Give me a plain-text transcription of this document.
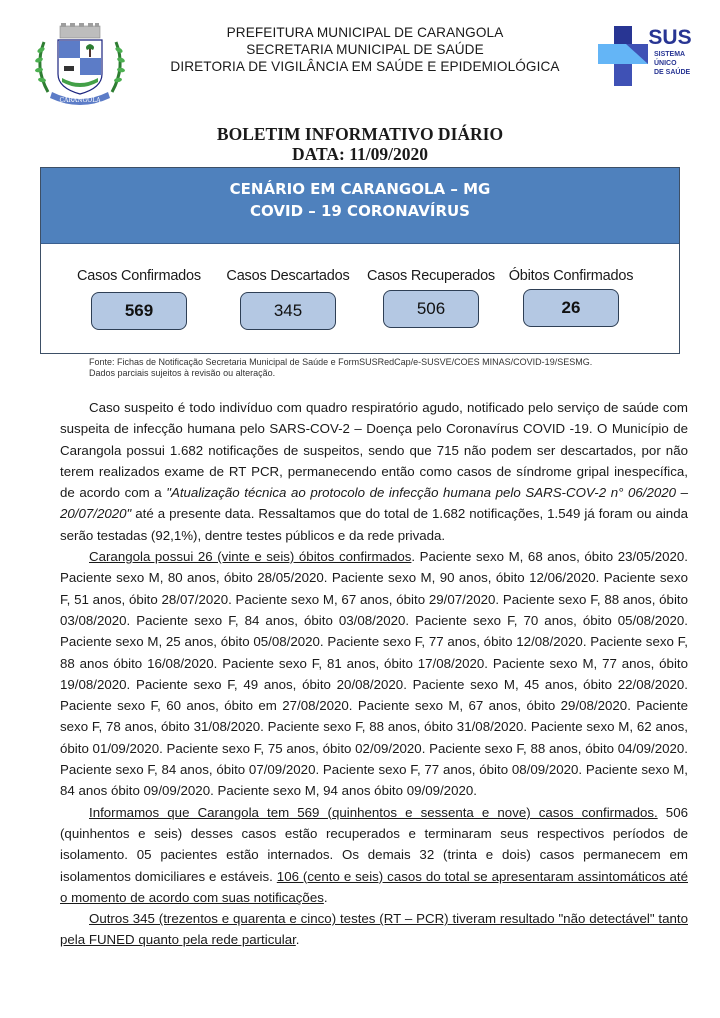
CARANGOLA
PREFEITURA MUNICIPAL DE CARANGOLA
SECRETARIA MUNICIPAL DE SAÚDE
DIRETORIA DE VIGILÂNCIA EM SAÚDE E EPIDEMIOLÓGICA
SUS
SISTEMA
ÚNICO
DE SAÚDE
BOLETIM INFORMATIVO DIÁRIO
DATA: 11/09/2020
CENÁRIO EM CARANGOLA – MG
COVID – 19 CORONAVÍRUS
Casos Confirmados
569
Casos Descartados
345
Casos Recuperados
506
Óbitos Confirmados
26
Fonte: Fichas de Notificação Secretaria Municipal de Saúde e FormSUSRedCap/e-SUSVE/COES MINAS/COVID-19/SESMG.
Dados parciais sujeitos à revisão ou alteração.

Caso suspeito é todo indivíduo com quadro respiratório agudo, notificado pelo serviço de saúde com suspeita de infecção humana pelo SARS-COV-2 – Doença pelo Coronavírus COVID -19. O Município de Carangola possui 1.682 notificações de suspeitos, sendo que 715 não podem ser descartados, por não terem realizados exame de RT PCR, permanecendo então como casos de síndrome gripal inespecífica, de acordo com a "Atualização técnica ao protocolo de infecção humana pelo SARS-COV-2 n° 06/2020 – 20/07/2020" até a presente data. Ressaltamos que do total de 1.682 notificações, 1.549 já foram ou ainda serão testadas (92,1%), dentre testes públicos e da rede privada.

Carangola possui 26 (vinte e seis) óbitos confirmados. Paciente sexo M, 68 anos, óbito 23/05/2020. Paciente sexo M, 80 anos, óbito 28/05/2020. Paciente sexo M, 90 anos, óbito 12/06/2020. Paciente sexo F, 51 anos, óbito 28/07/2020. Paciente sexo M, 67 anos, óbito 29/07/2020. Paciente sexo F, 88 anos, óbito 03/08/2020. Paciente sexo F, 84 anos, óbito 03/08/2020. Paciente sexo F, 70 anos, óbito 05/08/2020. Paciente sexo M, 25 anos, óbito 05/08/2020. Paciente sexo F, 77 anos, óbito 12/08/2020. Paciente sexo F, 88 anos óbito 16/08/2020. Paciente sexo F, 81 anos, óbito 17/08/2020. Paciente sexo M, 77 anos, óbito 19/08/2020. Paciente sexo F, 49 anos, óbito 20/08/2020. Paciente sexo M, 45 anos, óbito 22/08/2020. Paciente sexo F, 60 anos, óbito em 27/08/2020. Paciente sexo M, 67 anos, óbito 29/08/2020. Paciente sexo F, 78 anos, óbito 31/08/2020. Paciente sexo F, 88 anos, óbito 31/08/2020. Paciente sexo M, 62 anos, óbito 01/09/2020. Paciente sexo F, 75 anos, óbito 02/09/2020. Paciente sexo F, 88 anos, óbito 04/09/2020. Paciente sexo F, 84 anos, óbito 07/09/2020. Paciente sexo F, 77 anos, óbito 08/09/2020. Paciente sexo M, 84 anos óbito 09/09/2020. Paciente sexo M, 94 anos óbito 09/09/2020.

Informamos que Carangola tem 569 (quinhentos e sessenta e nove) casos confirmados. 506 (quinhentos e seis) desses casos estão recuperados e terminaram seus respectivos períodos de isolamento. 05 pacientes estão internados. Os demais 32 (trinta e dois) casos permanecem em isolamentos domiciliares e estáveis. 106 (cento e seis) casos do total se apresentaram assintomáticos até o momento de acordo com suas notificações.

Outros 345 (trezentos e quarenta e cinco) testes (RT – PCR) tiveram resultado "não detectável" tanto pela FUNED quanto pela rede particular.
